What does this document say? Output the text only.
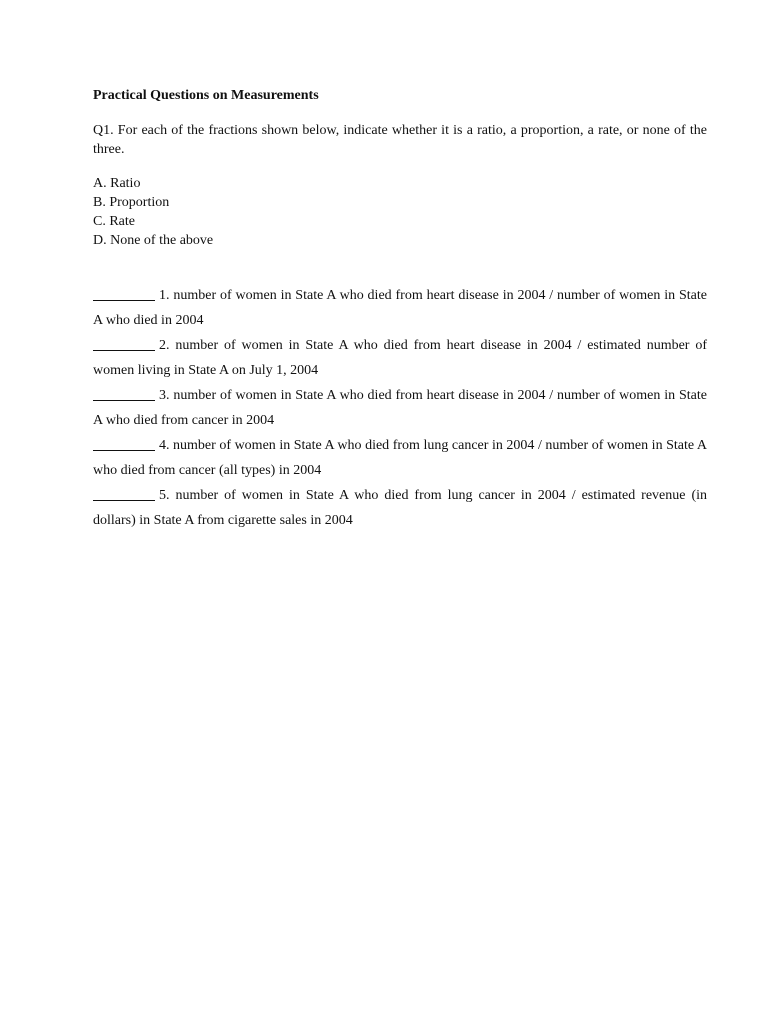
Practical Questions on Measurements
Q1. For each of the fractions shown below, indicate whether it is a ratio, a proportion, a rate, or none of the three.
A. Ratio
B. Proportion
C. Rate
D. None of the above
1. number of women in State A who died from heart disease in 2004 / number of women in State A who died in 2004
2. number of women in State A who died from heart disease in 2004 / estimated number of women living in State A on July 1, 2004
3. number of women in State A who died from heart disease in 2004 / number of women in State A who died from cancer in 2004
4. number of women in State A who died from lung cancer in 2004 / number of women in State A who died from cancer (all types) in 2004
5. number of women in State A who died from lung cancer in 2004 / estimated revenue (in dollars) in State A from cigarette sales in 2004
